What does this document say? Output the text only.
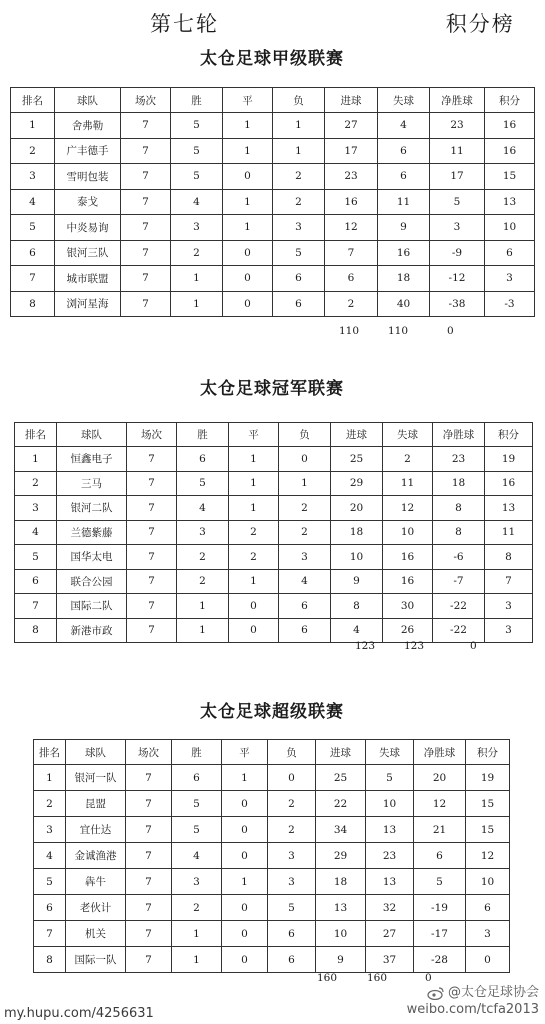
第七轮    积分榜
太仓足球甲级联赛
排名	球队	场次	胜	平	负	进球	失球	净胜球	积分
1	舍弗勒	7	5	1	1	27	4	23	16
2	广丰德手	7	5	1	1	17	6	11	16
3	雪明包装	7	5	0	2	23	6	17	15
4	泰戈	7	4	1	2	16	11	5	13
5	中炎易询	7	3	1	3	12	9	3	10
6	银河三队	7	2	0	5	7	16	-9	6
7	城市联盟	7	1	0	6	6	18	-12	3
8	浏河星海	7	1	0	6	2	40	-38	-3
110	110	0
太仓足球冠军联赛
排名	球队	场次	胜	平	负	进球	失球	净胜球	积分
1	恒鑫电子	7	6	1	0	25	2	23	19
2	三马	7	5	1	1	29	11	18	16
3	银河二队	7	4	1	2	20	12	8	13
4	兰德紫藤	7	3	2	2	18	10	8	11
5	国华太电	7	2	2	3	10	16	-6	8
6	联合公园	7	2	1	4	9	16	-7	7
7	国际二队	7	1	0	6	8	30	-22	3
8	新港市政	7	1	0	6	4	26	-22	3
123	123	0
太仓足球超级联赛
排名	球队	场次	胜	平	负	进球	失球	净胜球	积分
1	银河一队	7	6	1	0	25	5	20	19
2	昆盟	7	5	0	2	22	10	12	15
3	宜仕达	7	5	0	2	34	13	21	15
4	金诚渔港	7	4	0	3	29	23	6	12
5	犇牛	7	3	1	3	18	13	5	10
6	老伙计	7	2	0	5	13	32	-19	6
7	机关	7	1	0	6	10	27	-17	3
8	国际一队	7	1	0	6	9	37	-28	0
160	160	0
my.hupu.com/4256631
@太仓足球协会
weibo.com/tcfa2013
